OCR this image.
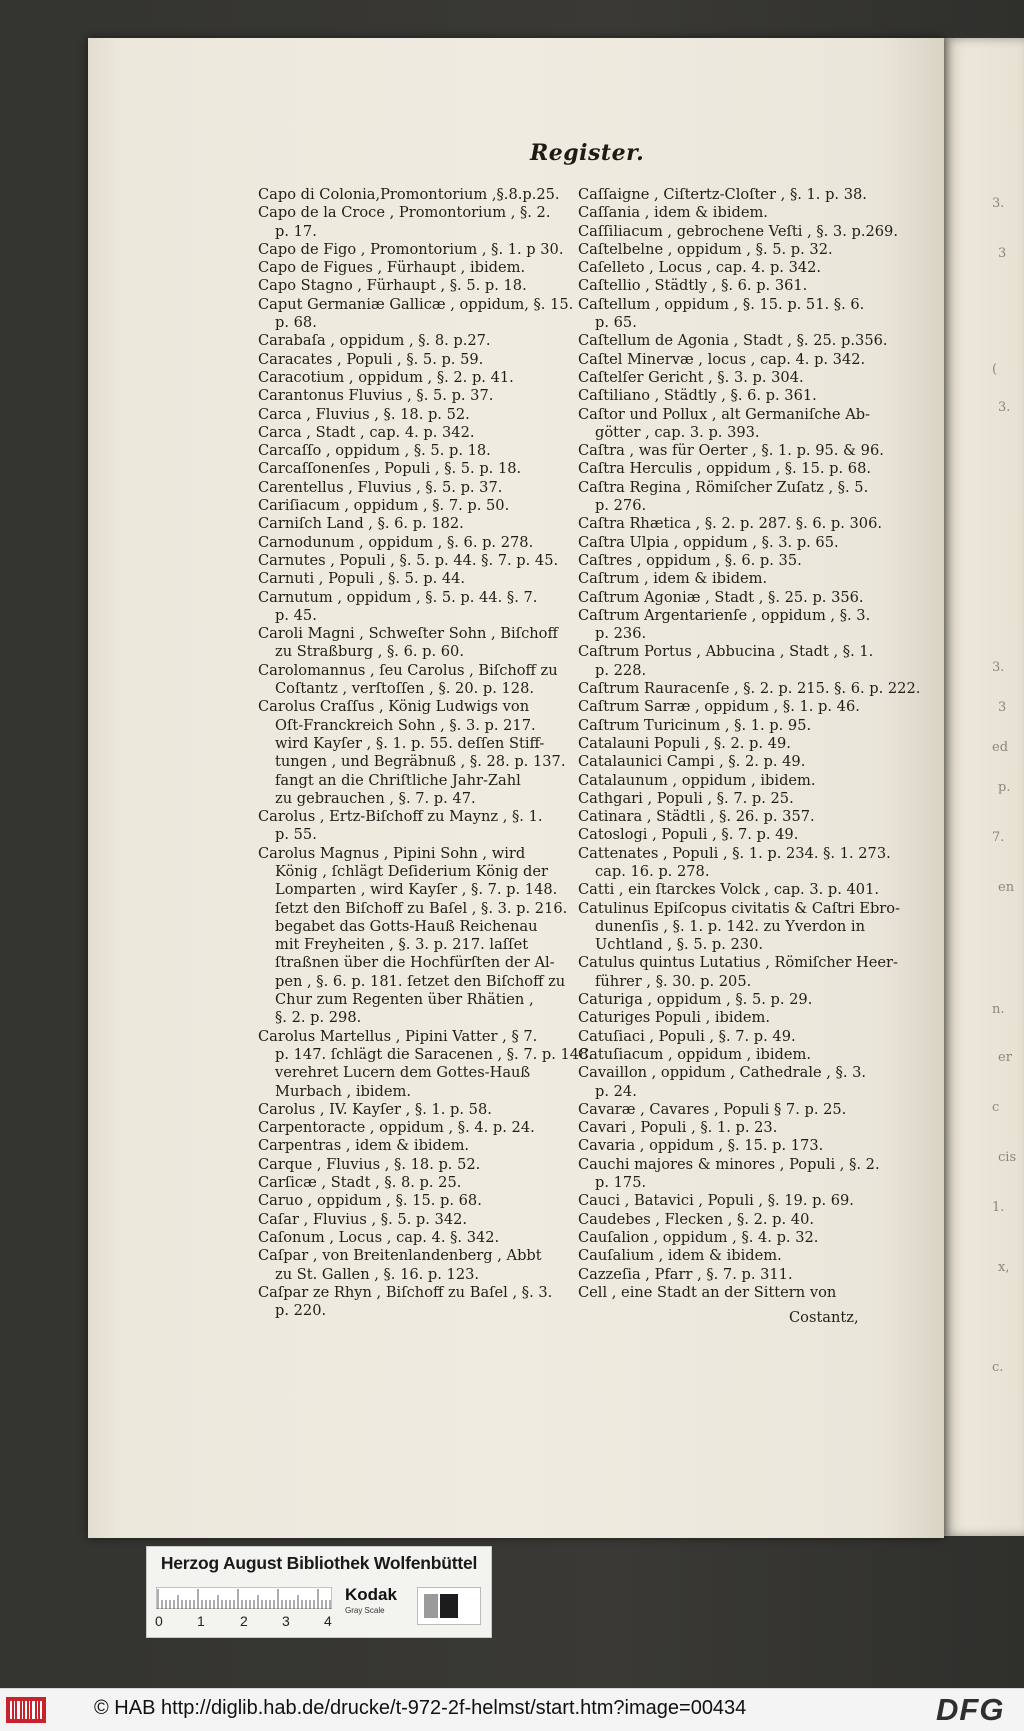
3.
3
(
3.
3.
3
ed
p.
7.
en
n.
er
c
cis
1.
x,
c.
Register.
Capo di Colonia,Promontorium ,§.8.p.25.
Capo de la Croce , Promontorium , §. 2.
p. 17.
Capo de Figo , Promontorium , §. 1. p 30.
Capo de Figues , Fürhaupt , ibidem.
Capo Stagno , Fürhaupt , §. 5. p. 18.
Caput Germaniæ Gallicæ , oppidum, §. 15.
p. 68.
Carabaſa , oppidum , §. 8. p.27.
Caracates , Populi , §. 5. p. 59.
Caracotium , oppidum , §. 2. p. 41.
Carantonus Fluvius , §. 5. p. 37.
Carca , Fluvius , §. 18. p. 52.
Carca , Stadt , cap. 4. p. 342.
Carcaſſo , oppidum , §. 5. p. 18.
Carcaſſonenſes , Populi , §. 5. p. 18.
Carentellus , Fluvius , §. 5. p. 37.
Cariſiacum , oppidum , §. 7. p. 50.
Carniſch Land , §. 6. p. 182.
Carnodunum , oppidum , §. 6. p. 278.
Carnutes , Populi , §. 5. p. 44. §. 7. p. 45.
Carnuti , Populi , §. 5. p. 44.
Carnutum , oppidum , §. 5. p. 44. §. 7.
p. 45.
Caroli Magni , Schweſter Sohn , Biſchoff
zu Straßburg , §. 6. p. 60.
Carolomannus , ſeu Carolus , Biſchoff zu
Coſtantz , verſtoſſen , §. 20. p. 128.
Carolus Craſſus , König Ludwigs von
Oſt-Franckreich Sohn , §. 3. p. 217.
wird Kayſer , §. 1. p. 55. deſſen Stiff-
tungen , und Begräbnuß , §. 28. p. 137.
fangt an die Chriſtliche Jahr-Zahl
zu gebrauchen , §. 7. p. 47.
Carolus , Ertz-Biſchoff zu Maynz , §. 1.
p. 55.
Carolus Magnus , Pipini Sohn , wird
König , ſchlägt Deſiderium König der
Lomparten , wird Kayſer , §. 7. p. 148.
ſetzt den Biſchoff zu Baſel , §. 3. p. 216.
begabet das Gotts-Hauß Reichenau
mit Freyheiten , §. 3. p. 217. laſſet
ſtraßnen über die Hochfürſten der Al-
pen , §. 6. p. 181. ſetzet den Biſchoff zu
Chur zum Regenten über Rhätien ,
§. 2. p. 298.
Carolus Martellus , Pipini Vatter , § 7.
p. 147. ſchlägt die Saracenen , §. 7. p. 148.
verehret Lucern dem Gottes-Hauß
Murbach , ibidem.
Carolus , IV. Kayſer , §. 1. p. 58.
Carpentoracte , oppidum , §. 4. p. 24.
Carpentras , idem & ibidem.
Carque , Fluvius , §. 18. p. 52.
Carſicæ , Stadt , §. 8. p. 25.
Caruo , oppidum , §. 15. p. 68.
Caſar , Fluvius , §. 5. p. 342.
Caſonum , Locus , cap. 4. §. 342.
Caſpar , von Breitenlandenberg , Abbt
zu St. Gallen , §. 16. p. 123.
Caſpar ze Rhyn , Biſchoff zu Baſel , §. 3.
p. 220.
Caſſaigne , Ciſtertz-Cloſter , §. 1. p. 38.
Caſſania , idem & ibidem.
Caſſiliacum , gebrochene Veſti , §. 3. p.269.
Caſtelbelne , oppidum , §. 5. p. 32.
Caſelleto , Locus , cap. 4. p. 342.
Caſtellio , Städtly , §. 6. p. 361.
Caſtellum , oppidum , §. 15. p. 51. §. 6.
p. 65.
Caſtellum de Agonia , Stadt , §. 25. p.356.
Caſtel Minervæ , locus , cap. 4. p. 342.
Caſtelſer Gericht , §. 3. p. 304.
Caſtiliano , Städtly , §. 6. p. 361.
Caſtor und Pollux , alt Germaniſche Ab-
götter , cap. 3. p. 393.
Caſtra , was für Oerter , §. 1. p. 95. & 96.
Caſtra Herculis , oppidum , §. 15. p. 68.
Caſtra Regina , Römiſcher Zuſatz , §. 5.
p. 276.
Caſtra Rhætica , §. 2. p. 287. §. 6. p. 306.
Caſtra Ulpia , oppidum , §. 3. p. 65.
Caſtres , oppidum , §. 6. p. 35.
Caſtrum , idem & ibidem.
Caſtrum Agoniæ , Stadt , §. 25. p. 356.
Caſtrum Argentarienſe , oppidum , §. 3.
p. 236.
Caſtrum Portus , Abbucina , Stadt , §. 1.
p. 228.
Caſtrum Rauracenſe , §. 2. p. 215. §. 6. p. 222.
Caſtrum Sarræ , oppidum , §. 1. p. 46.
Caſtrum Turicinum , §. 1. p. 95.
Catalauni Populi , §. 2. p. 49.
Catalaunici Campi , §. 2. p. 49.
Catalaunum , oppidum , ibidem.
Cathgari , Populi , §. 7. p. 25.
Catinara , Städtli , §. 26. p. 357.
Catoslogi , Populi , §. 7. p. 49.
Cattenates , Populi , §. 1. p. 234. §. 1. 273.
cap. 16. p. 278.
Catti , ein ſtarckes Volck , cap. 3. p. 401.
Catulinus Epiſcopus civitatis & Caſtri Ebro-
dunenſis , §. 1. p. 142. zu Yverdon in
Uchtland , §. 5. p. 230.
Catulus quintus Lutatius , Römiſcher Heer-
führer , §. 30. p. 205.
Caturiga , oppidum , §. 5. p. 29.
Caturiges Populi , ibidem.
Catuſiaci , Populi , §. 7. p. 49.
Catuſiacum , oppidum , ibidem.
Cavaillon , oppidum , Cathedrale , §. 3.
p. 24.
Cavaræ , Cavares , Populi § 7. p. 25.
Cavari , Populi , §. 1. p. 23.
Cavaria , oppidum , §. 15. p. 173.
Cauchi majores & minores , Populi , §. 2.
p. 175.
Cauci , Batavici , Populi , §. 19. p. 69.
Caudebes , Flecken , §. 2. p. 40.
Cauſalion , oppidum , §. 4. p. 32.
Cauſalium , idem & ibidem.
Cazzeſia , Pfarr , §. 7. p. 311.
Cell , eine Stadt an der Sittern von
Costantz,
Herzog August Bibliothek Wolfenbüttel
0 1	2 3 4
Kodak
Gray Scale
© HAB http://diglib.hab.de/drucke/t-972-2f-helmst/start.htm?image=00434	DFG
